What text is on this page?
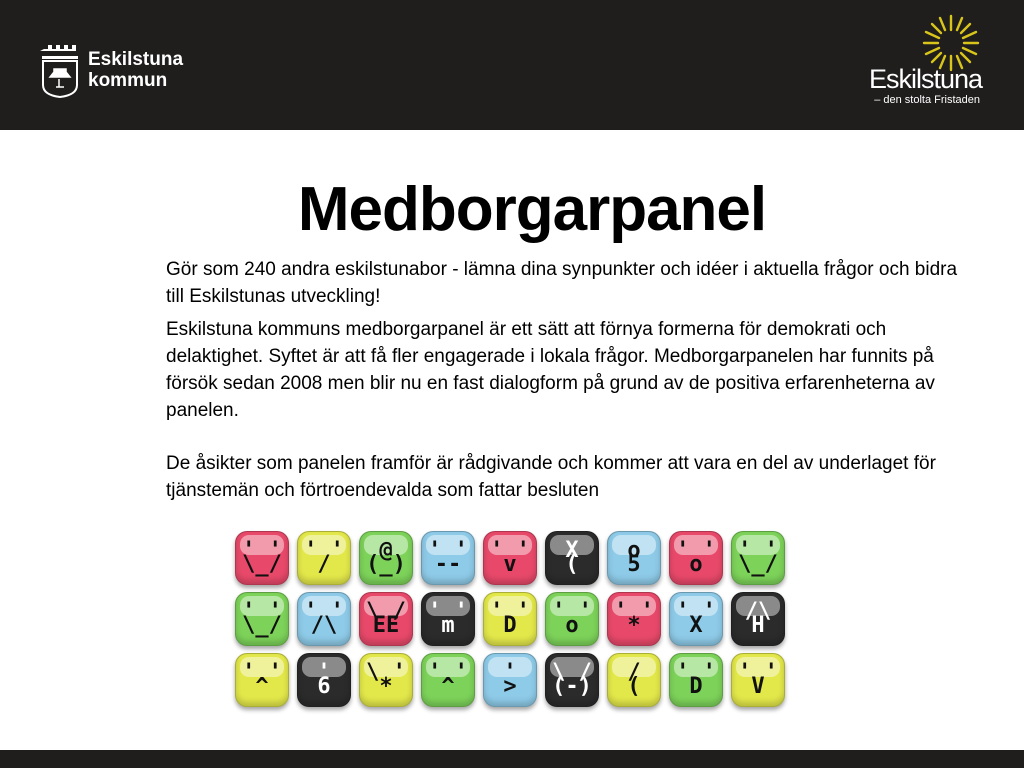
Eskilstuna
kommun	Eskilstuna
– den stolta Fristaden
Medborgarpanel

Gör som 240 andra eskilstunabor - lämna dina synpunkter och idéer i aktuella frågor och bidra till Eskilstunas utveckling!

Eskilstuna kommuns medborgarpanel är ett sätt att förnya formerna för demokrati och delaktighet. Syftet är att få fler engagerade i lokala frågor. Medborgarpanelen har funnits på försök sedan 2008 men blir nu en fast dialogform på grund av de positiva erfarenheterna av panelen.

De åsikter som panelen framför är rådgivande och kommer att vara en del av underlaget för tjänstemän och förtroendevalda som fattar besluten

' '
\_/
' '
/
@
(_)
' '
--
' '
v
X
(
o
5
' '
o
' '
\_/
' '
\_/
' '
/\
\ /
EE
' '
m
' '
D
' '
o
' '
*
' '
X
/\
H
' '
^
'
6
\ '
*
' '
^
'
>
\ /
(-)
/
(
' '
D
' '
V
